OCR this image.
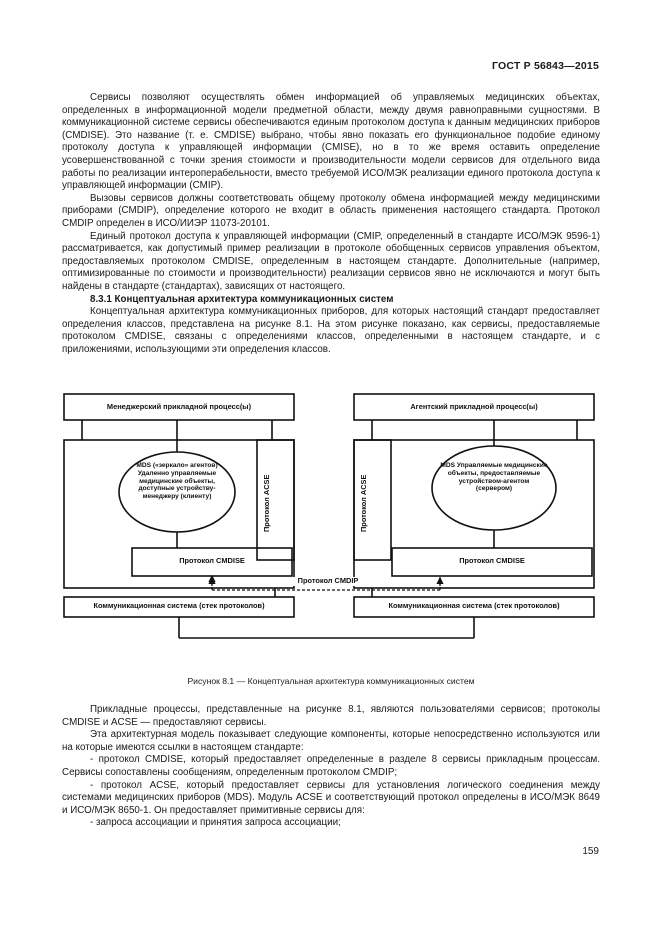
ГОСТ Р 56843—2015

Сервисы позволяют осуществлять обмен информацией об управляемых медицинских объектах, определенных в информационной модели предметной области, между двумя равноправными сущностями. В коммуникационной системе сервисы обеспечиваются единым протоколом доступа к данным медицинских приборов (CMDISE). Это название (т. е. CMDISE) выбрано, чтобы явно показать его функциональное подобие единому протоколу доступа к управляющей информации (CMISE), но в то же время оставить определение усовершенствованной с точки зрения стоимости и производительности модели сервисов для отдельного вида работы по реализации интероперабельности, вместо требуемой ИСО/МЭК реализации единого протокола доступа к управляющей информации (CMIP).

Вызовы сервисов должны соответствовать общему протоколу обмена информацией между медицинскими приборами (CMDIP), определение которого не входит в область применения настоящего стандарта. Протокол CMDIP определен в ИСО/ИИЭР 11073-20101.

Единый протокол доступа к управляющей информации (CMIP, определенный в стандарте ИСО/МЭК 9596-1) рассматривается, как допустимый пример реализации в протоколе обобщенных сервисов управления объектом, предоставляемых протоколом CMDISE, определенным в настоящем стандарте. Дополнительные (например, оптимизированные по стоимости и производительности) реализации сервисов явно не исключаются и могут быть найдены в стандарте (стандартах), зависящих от настоящего.

8.3.1 Концептуальная архитектура коммуникационных систем

Концептуальная архитектура коммуникационных приборов, для которых настоящий стандарт предоставляет определения классов, представлена на рисунке 8.1. На этом рисунке показано, как сервисы, предоставляемые протоколом CMDISE, связаны с определениями классов, определенными в настоящем стандарте, и с приложениями, использующими эти определения классов.

Менеджерский прикладной процесс(ы)	Агентский прикладной процесс(ы)
MDS («зеркало» агентов) Удаленно управляемые медицинские объекты, доступные устройству-менеджеру (клиенту)
MDS Управляемые медицинские объекты, предоставляемые устройством-агентом (сервером)
Протокол ACSE	Протокол ACSE
Протокол CMDISE	Протокол CMDISE
Протокол CMDIP
Коммуникационная система (стек протоколов)	Коммуникационная система (стек протоколов)
Рисунок 8.1 — Концептуальная архитектура коммуникационных систем

Прикладные процессы, представленные на рисунке 8.1, являются пользователями сервисов; протоколы CMDISE и ACSE — предоставляют сервисы.

Эта архитектурная модель показывает следующие компоненты, которые непосредственно используются или на которые имеются ссылки в настоящем стандарте:

- протокол CMDISE, который предоставляет определенные в разделе 8 сервисы прикладным процессам. Сервисы сопоставлены сообщениям, определенным протоколом CMDIP;

- протокол ACSE, который предоставляет сервисы для установления логического соединения между системами медицинских приборов (MDS). Модуль ACSE и соответствующий протокол определены в ИСО/МЭК 8649 и ИСО/МЭК 8650-1. Он предоставляет примитивные сервисы для:

- запроса ассоциации и принятия запроса ассоциации;

159
